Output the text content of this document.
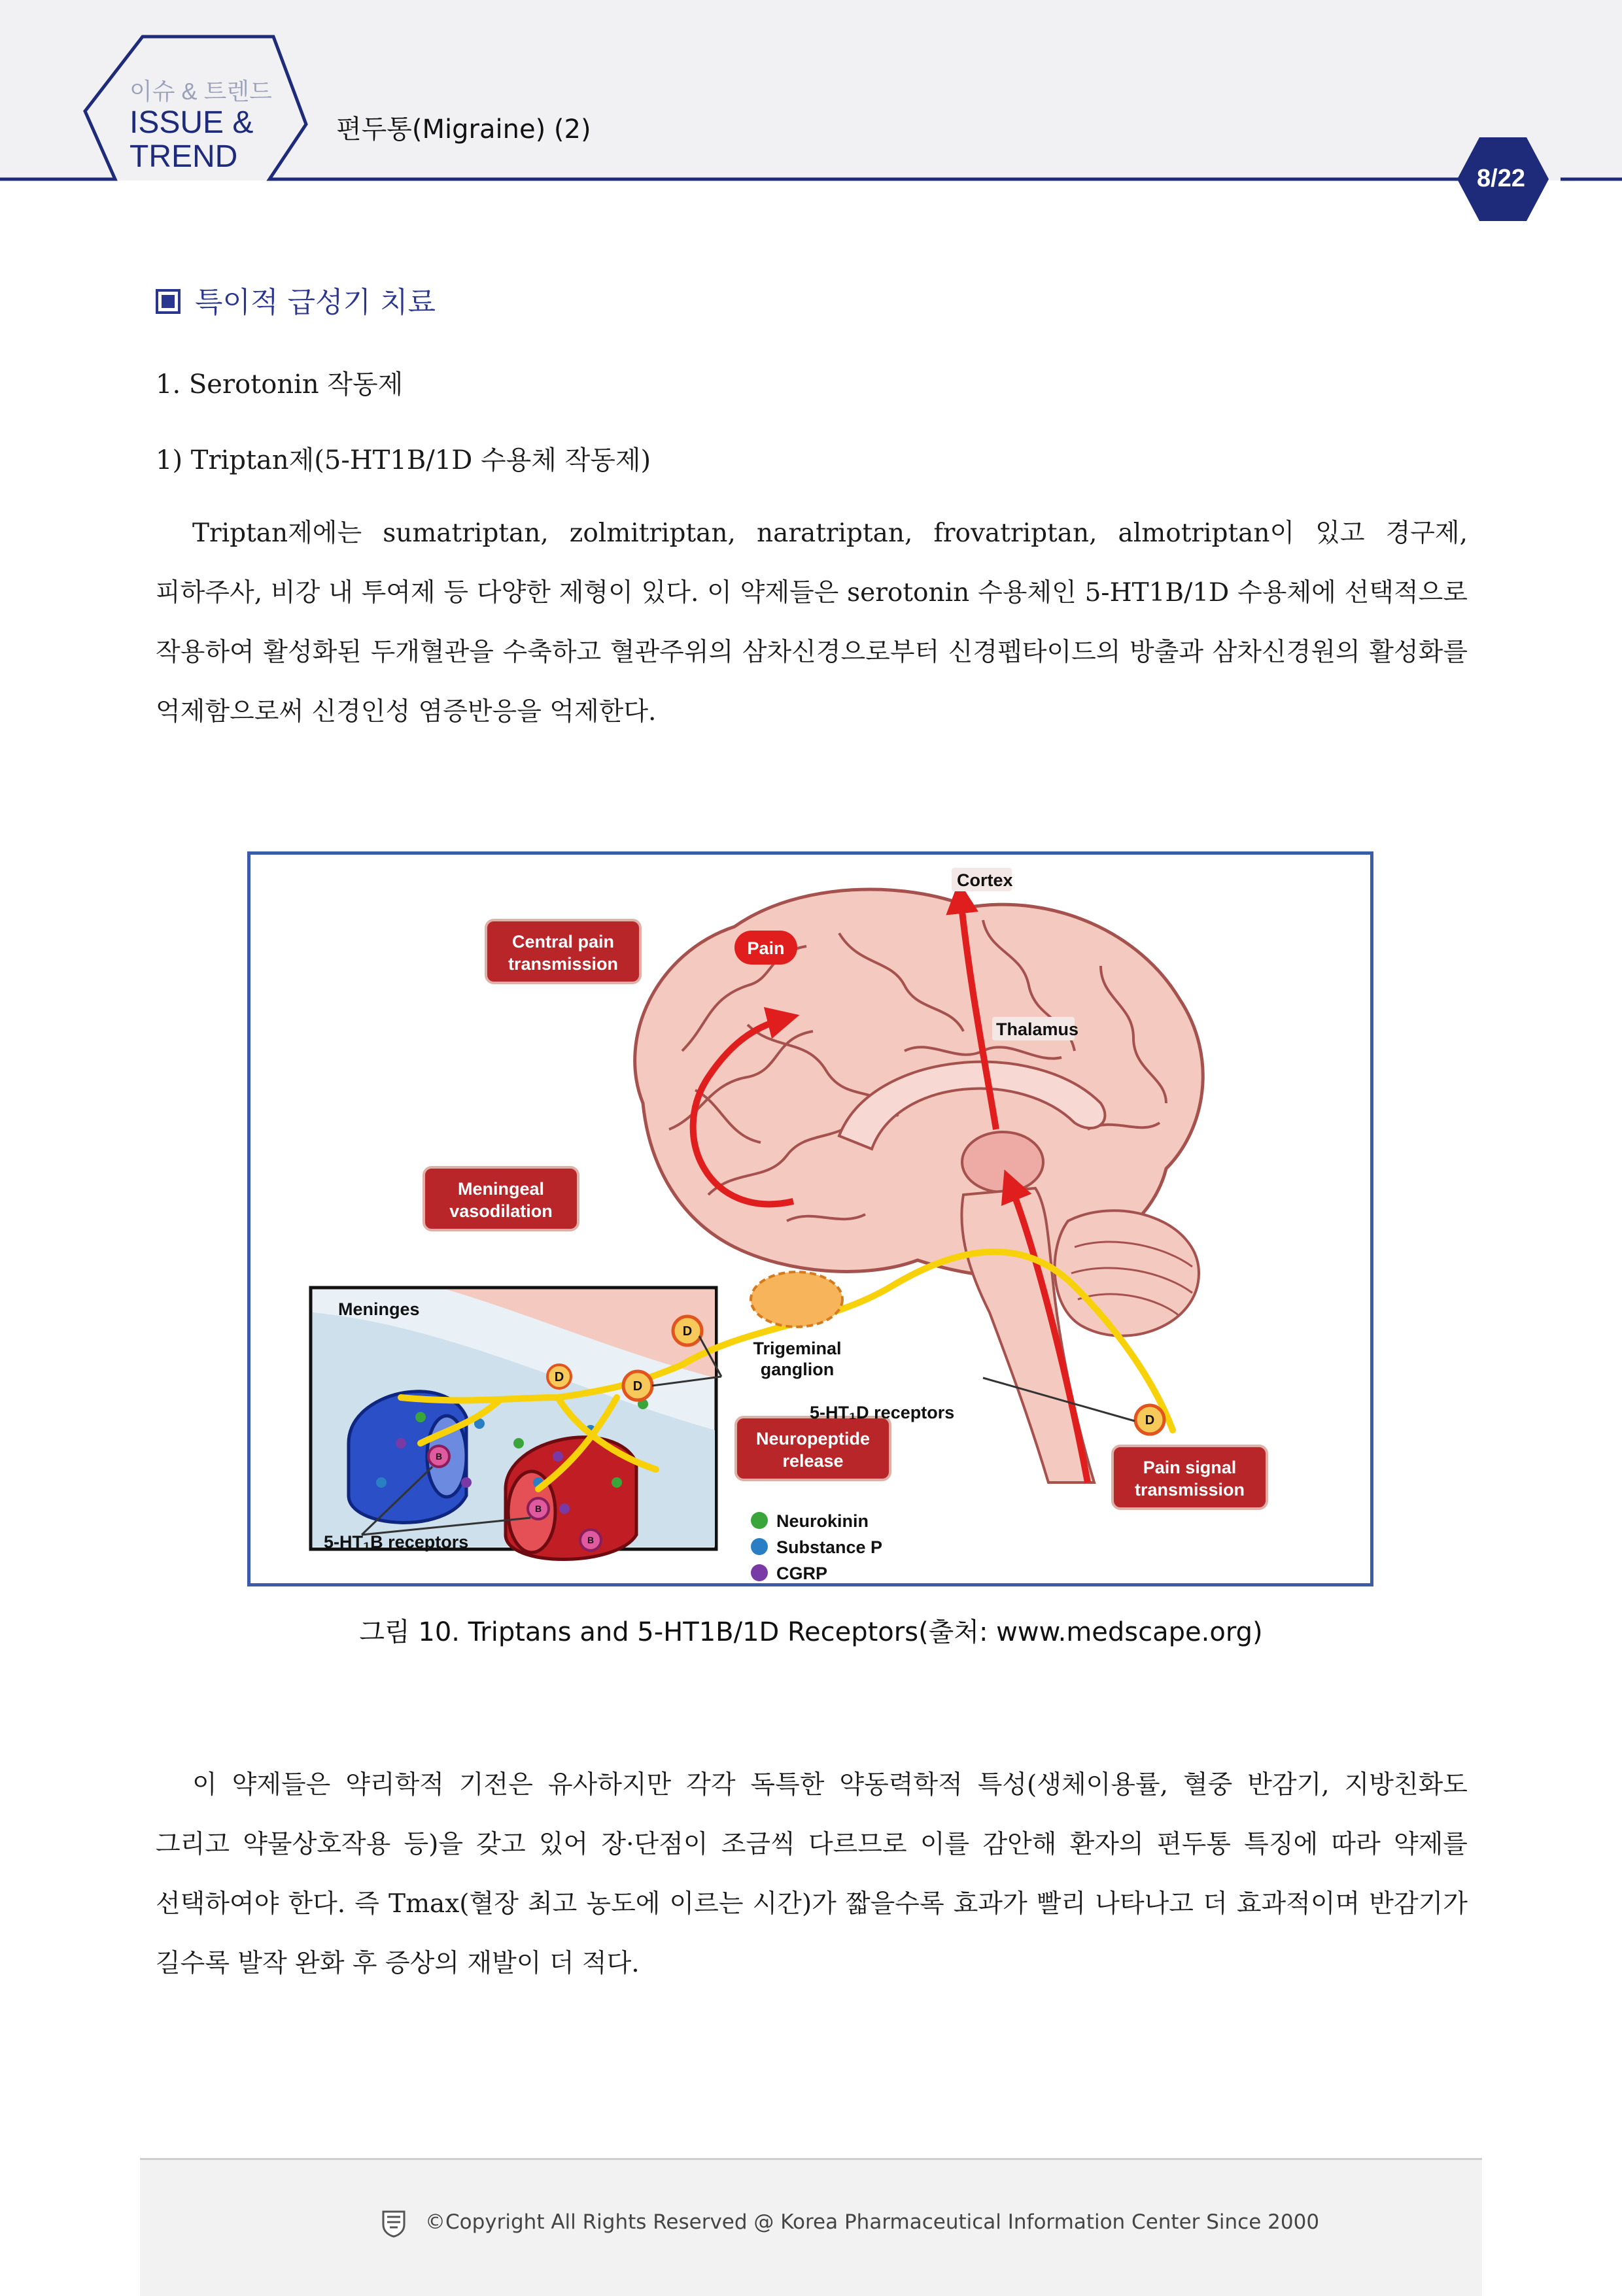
이슈 & 트렌드
ISSUE &
TREND
편두통(Migraine) (2)
8/22
특이적 급성기 치료
1. Serotonin 작동제
1) Triptan제(5-HT1B/1D 수용체 작동제)

Triptan제에는 sumatriptan, zolmitriptan, naratriptan, frovatriptan, almotriptan이 있고 경구제, 피하주사, 비강 내 투여제 등 다양한 제형이 있다. 이 약제들은 serotonin 수용체인 5-HT1B/1D 수용체에 선택적으로 작용하여 활성화된 두개혈관을 수축하고 혈관주위의 삼차신경으로부터 신경펩타이드의 방출과 삼차신경원의 활성화를 억제함으로써 신경인성 염증반응을 억제한다.

D
D
D
D
B
B
B
Central pain
transmission
Meningeal
vasodilation
Neuropeptide
release	Pain signal
transmission
Pain
Cortex
Thalamus
Meninges
Trigeminal
ganglion
5-HT₁D receptors
5-HT₁B receptors
Neurokinin
Substance P
CGRP
그림 10. Triptans and 5-HT1B/1D Receptors(출처: www.medscape.org)

이 약제들은 약리학적 기전은 유사하지만 각각 독특한 약동력학적 특성(생체이용률, 혈중 반감기, 지방친화도 그리고 약물상호작용 등)을 갖고 있어 장·단점이 조금씩 다르므로 이를 감안해 환자의 편두통 특징에 따라 약제를 선택하여야 한다. 즉 Tmax(혈장 최고 농도에 이르는 시간)가 짧을수록 효과가 빨리 나타나고 더 효과적이며 반감기가 길수록 발작 완화 후 증상의 재발이 더 적다.

©Copyright All Rights Reserved @ Korea Pharmaceutical Information Center Since 2000
